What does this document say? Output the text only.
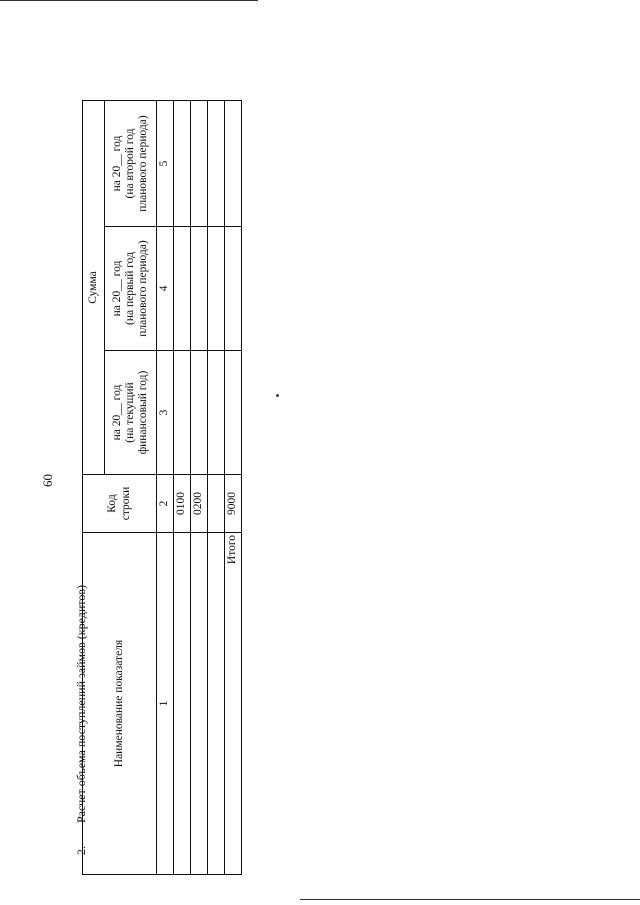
60
2.
Расчет объема поступлений займов (кредитов) Наименование показателя	Код строки	Сумма		

		на 20__ год (на текущий финансовый год)	на 20__ год (на первый год планового периода)	на 20__ год (на второй год планового периода)

1	2	3	4	5
	0100			
	0200			

Итого	9000			
